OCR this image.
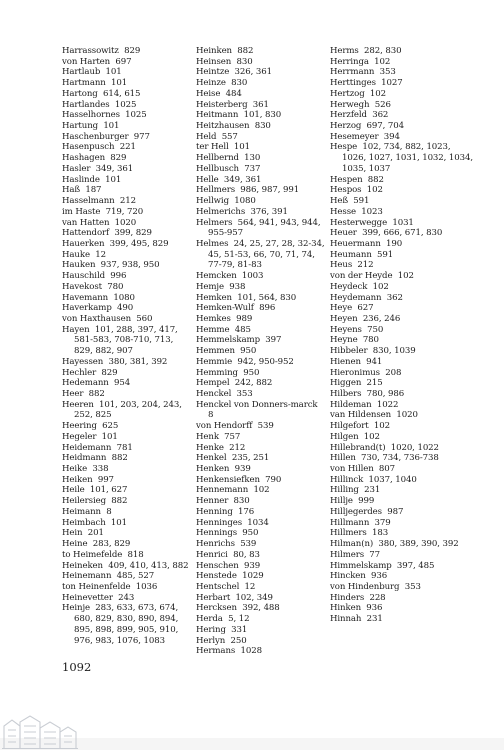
Harrassowitz  829
von Harten  697
Hartlaub  101
Hartmann  101
Hartong  614, 615
Hartlandes  1025
Hasselhornes  1025
Hartung  101
Haschenburger  977
Hasenpusch  221
Hashagen  829
Hasler  349, 361
Haslinde  101
Haß  187
Hasselmann  212
im Haste  719, 720
van Hatten  1020
Hattendorf  399, 829
Hauerken  399, 495, 829
Hauke  12
Hauken  937, 938, 950
Hauschild  996
Havekost  780
Havemann  1080
Haverkamp  490
von Haxthausen  560
Hayen  101, 288, 397, 417, 581-583, 708-710, 713, 829, 882, 907
Hayessen  380, 381, 392
Hechler  829
Hedemann  954
Heer  882
Heeren  101, 203, 204, 243, 252, 825
Heering  625
Hegeler  101
Heidemann  781
Heidmann  882
Heike  338
Heiken  997
Heile  101, 627
Heilersieg  882
Heimann  8
Heimbach  101
Hein  201
Heine  283, 829
to Heimefelde  818
Heineken  409, 410, 413, 882
Heinemann  485, 527
ton Heinenfelde  1036
Heinevetter  243
Heinje  283, 633, 673, 674, 680, 829, 830, 890, 894, 895, 898, 899, 905, 910, 976, 983, 1076, 1083
Heinken  882
Heinsen  830
Heintze  326, 361
Heinze  830
Heise  484
Heisterberg  361
Heitmann  101, 830
Heitzhausen  830
Held  557
ter Hell  101
Hellbernd  130
Hellbusch  737
Helle  349, 361
Hellmers  986, 987, 991
Hellwig  1080
Helmerichs  376, 391
Helmers  564, 941, 943, 944, 955-957
Helmes  24, 25, 27, 28, 32-34, 45, 51-53, 66, 70, 71, 74, 77-79, 81-83
Hemcken  1003
Hemje  938
Hemken  101, 564, 830
Hemken-Wulf  896
Hemkes  989
Hemme  485
Hemmelskamp  397
Hemmen  950
Hemmie  942, 950-952
Hemming  950
Hempel  242, 882
Henckel  353
Henckel von Donners-marck  8
von Hendorff  539
Henk  757
Henke  212
Henkel  235, 251
Henken  939
Henkensiefken  790
Hennemann  102
Henner  830
Henning  176
Henninges  1034
Hennings  950
Henrichs  539
Henrici  80, 83
Henschen  939
Henstede  1029
Hentschel  12
Herbart  102, 349
Hercksen  392, 488
Herda  5, 12
Hering  331
Herlyn  250
Hermans  1028
Herms  282, 830
Herringa  102
Herrmann  353
Herttinges  1027
Hertzog  102
Herwegh  526
Herzfeld  362
Herzog  697, 704
Hesemeyer  394
Hespe  102, 734, 882, 1023, 1026, 1027, 1031, 1032, 1034, 1035, 1037
Hespen  882
Hespos  102
Heß  591
Hesse  1023
Hesterwegge  1031
Heuer  399, 666, 671, 830
Heuermann  190
Heumann  591
Heus  212
von der Heyde  102
Heydeck  102
Heydemann  362
Heye  627
Heyen  236, 246
Heyens  750
Heyne  780
Hibbeler  830, 1039
Hienen  941
Hieronimus  208
Higgen  215
Hilbers  780, 986
Hildeman  1022
van Hildensen  1020
Hilgefort  102
Hilgen  102
Hillebrand(t)  1020, 1022
Hillen  730, 734, 736-738
von Hillen  807
Hillinck  1037, 1040
Hilling  231
Hillje  999
Hilljegerdes  987
Hillmann  379
Hillmers  183
Hilman(n)  380, 389, 390, 392
Hilmers  77
Himmelskamp  397, 485
Hincken  936
von Hindenburg  353
Hinders  228
Hinken  936
Hinnah  231
1092
